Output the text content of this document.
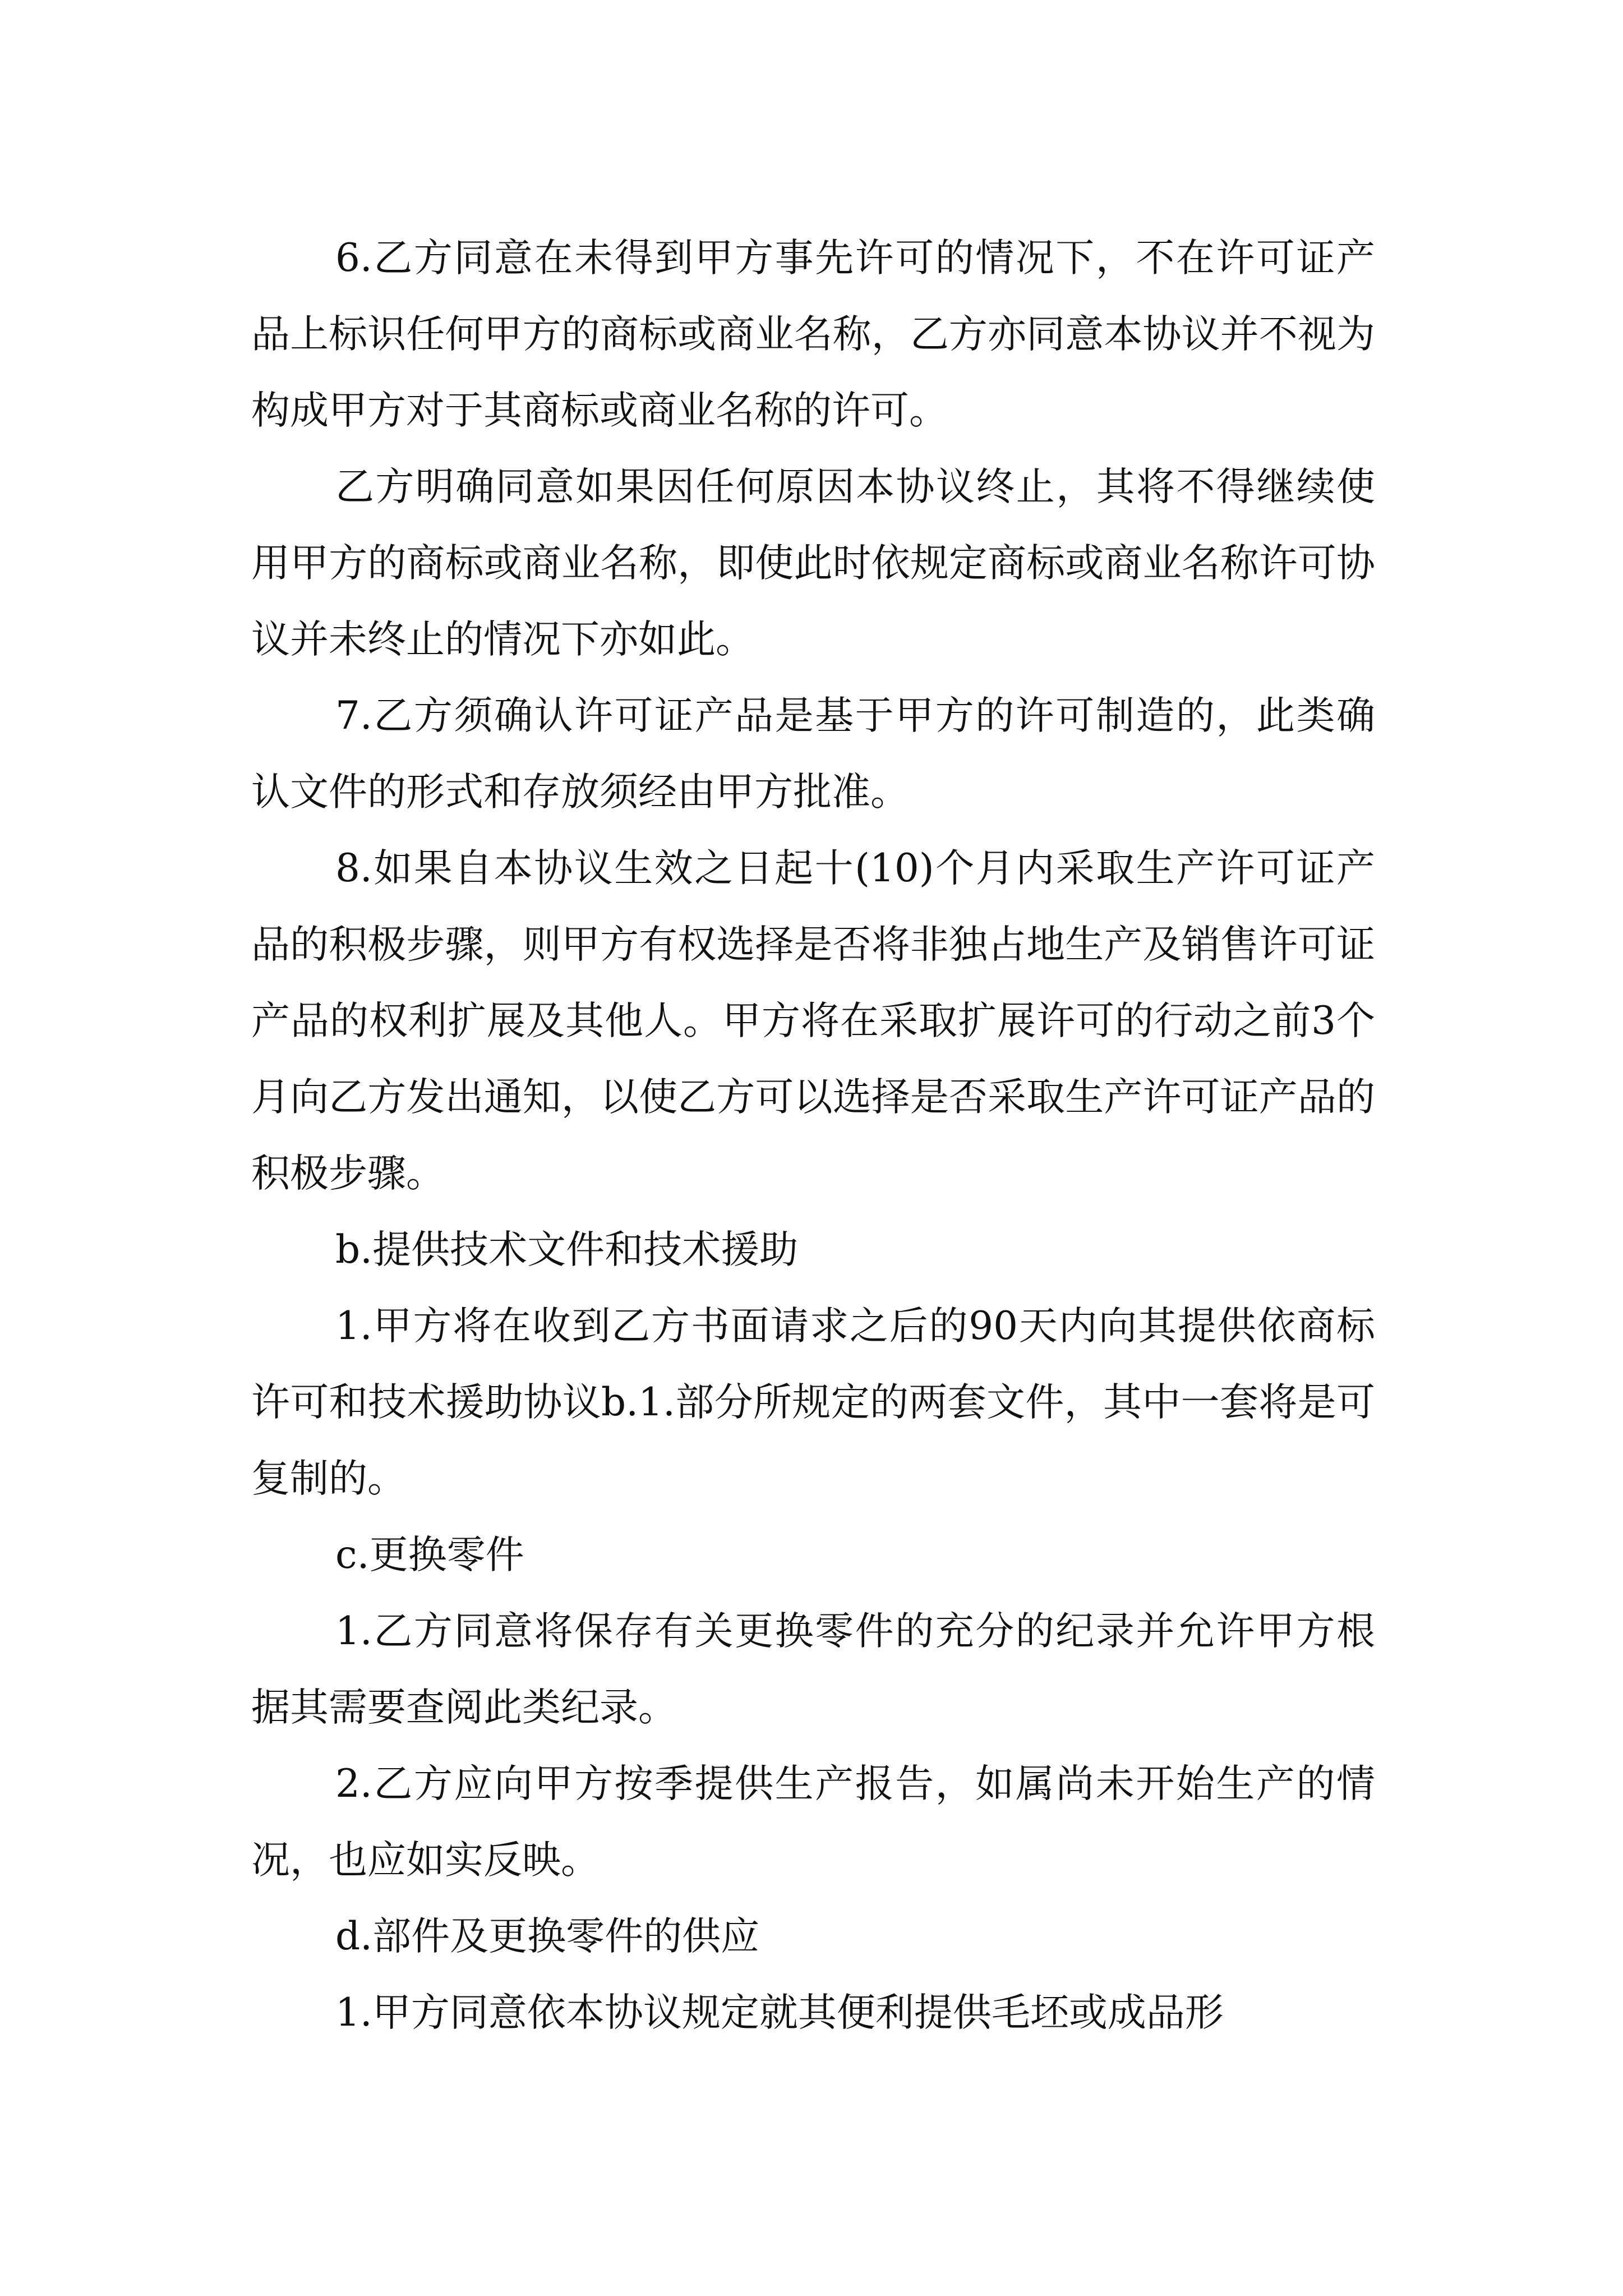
6.乙方同意在未得到甲方事先许可的情况下，不在许可证产品上标识任何甲方的商标或商业名称，乙方亦同意本协议并不视为构成甲方对于其商标或商业名称的许可。

乙方明确同意如果因任何原因本协议终止，其将不得继续使用甲方的商标或商业名称，即使此时依规定商标或商业名称许可协议并未终止的情况下亦如此。

7.乙方须确认许可证产品是基于甲方的许可制造的，此类确认文件的形式和存放须经由甲方批准。

8.如果自本协议生效之日起十(10)个月内采取生产许可证产品的积极步骤，则甲方有权选择是否将非独占地生产及销售许可证产品的权利扩展及其他人。甲方将在采取扩展许可的行动之前3个月向乙方发出通知，以使乙方可以选择是否采取生产许可证产品的积极步骤。

b.提供技术文件和技术援助

1.甲方将在收到乙方书面请求之后的90天内向其提供依商标许可和技术援助协议b.1.部分所规定的两套文件，其中一套将是可复制的。

c.更换零件

1.乙方同意将保存有关更换零件的充分的纪录并允许甲方根据其需要查阅此类纪录。

2.乙方应向甲方按季提供生产报告，如属尚未开始生产的情况，也应如实反映。

d.部件及更换零件的供应

1.甲方同意依本协议规定就其便利提供毛坯或成品形
